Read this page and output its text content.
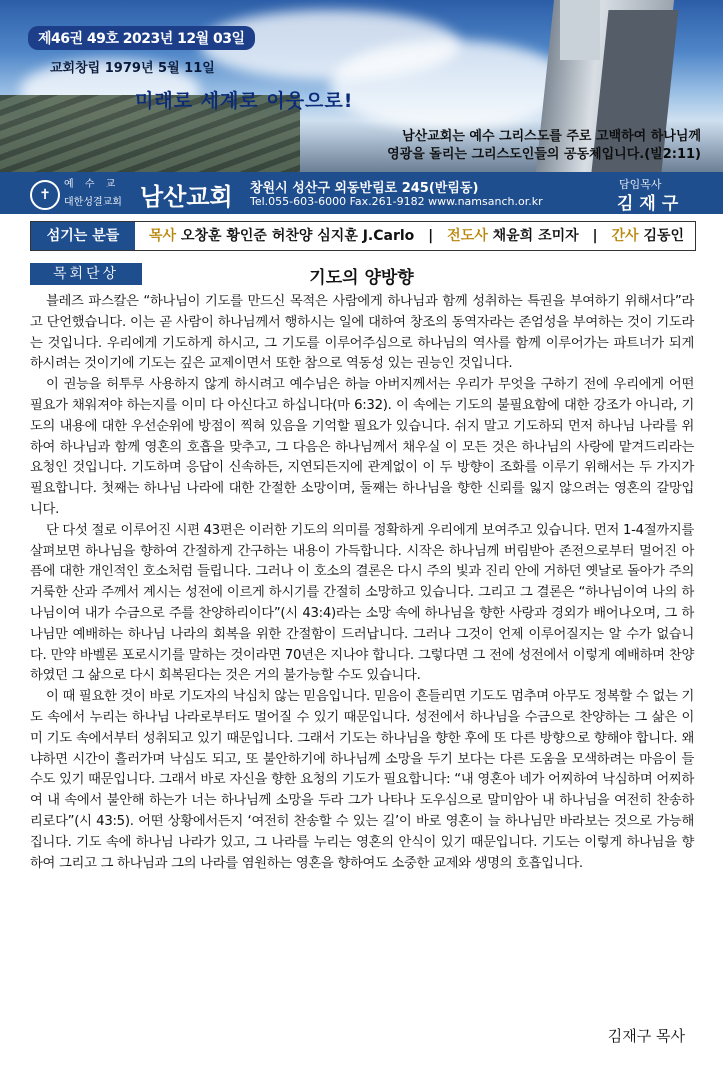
제46권 49호 2023년 12월 03일
교회창립 1979년 5월 11일
미래로 세계로 이웃으로!
남산교회는 예수 그리스도를 주로 고백하여 하나님께
영광을 돌리는 그리스도인들의 공동체입니다.(빌2:11)
✝
예 수 교
대한성결교회 남산교회 창원시 성산구 외동반림로 245(반림동)
Tel.055-603-6000 Fax.261-9182 www.namsanch.or.kr
담임목사
김재구
섬기는 분들	목사 오창훈 황인준 허찬양 심지훈 J.Carlo | 전도사 채윤희 조미자 | 간사 김동인
목회단상	기도의 양방향

블레즈 파스칼은 “하나님이 기도를 만드신 목적은 사람에게 하나님과 함께 성취하는 특권을 부여하기 위해서다”라고 단언했습니다. 이는 곧 사람이 하나님께서 행하시는 일에 대하여 창조의 동역자라는 존엄성을 부여하는 것이 기도라는 것입니다. 우리에게 기도하게 하시고, 그 기도를 이루어주심으로 하나님의 역사를 함께 이루어가는 파트너가 되게 하시려는 것이기에 기도는 깊은 교제이면서 또한 참으로 역동성 있는 권능인 것입니다.

이 권능을 허투루 사용하지 않게 하시려고 예수님은 하늘 아버지께서는 우리가 무엇을 구하기 전에 우리에게 어떤 필요가 채워져야 하는지를 이미 다 아신다고 하십니다(마 6:32). 이 속에는 기도의 불필요함에 대한 강조가 아니라, 기도의 내용에 대한 우선순위에 방점이 찍혀 있음을 기억할 필요가 있습니다. 쉬지 말고 기도하되 먼저 하나님 나라를 위하여 하나님과 함께 영혼의 호흡을 맞추고, 그 다음은 하나님께서 채우실 이 모든 것은 하나님의 사랑에 맡겨드리라는 요청인 것입니다. 기도하며 응답이 신속하든, 지연되든지에 관계없이 이 두 방향이 조화를 이루기 위해서는 두 가지가 필요합니다. 첫째는 하나님 나라에 대한 간절한 소망이며, 둘째는 하나님을 향한 신뢰를 잃지 않으려는 영혼의 갈망입니다.

단 다섯 절로 이루어진 시편 43편은 이러한 기도의 의미를 정확하게 우리에게 보여주고 있습니다. 먼저 1-4절까지를 살펴보면 하나님을 향하여 간절하게 간구하는 내용이 가득합니다. 시작은 하나님께 버림받아 존전으로부터 멀어진 아픔에 대한 개인적인 호소처럼 들립니다. 그러나 이 호소의 결론은 다시 주의 빛과 진리 안에 거하던 옛날로 돌아가 주의 거룩한 산과 주께서 계시는 성전에 이르게 하시기를 간절히 소망하고 있습니다. 그리고 그 결론은 “하나님이여 나의 하나님이여 내가 수금으로 주를 찬양하리이다”(시 43:4)라는 소망 속에 하나님을 향한 사랑과 경외가 배어나오며, 그 하나님만 예배하는 하나님 나라의 회복을 위한 간절함이 드러납니다. 그러나 그것이 언제 이루어질지는 알 수가 없습니다. 만약 바벨론 포로시기를 말하는 것이라면 70년은 지나야 합니다. 그렇다면 그 전에 성전에서 이렇게 예배하며 찬양하였던 그 삶으로 다시 회복된다는 것은 거의 불가능할 수도 있습니다.

이 때 필요한 것이 바로 기도자의 낙심치 않는 믿음입니다. 믿음이 흔들리면 기도도 멈추며 아무도 정복할 수 없는 기도 속에서 누리는 하나님 나라로부터도 멀어질 수 있기 때문입니다. 성전에서 하나님을 수금으로 찬양하는 그 삶은 이미 기도 속에서부터 성취되고 있기 때문입니다. 그래서 기도는 하나님을 향한 후에 또 다른 방향으로 향해야 합니다. 왜냐하면 시간이 흘러가며 낙심도 되고, 또 불안하기에 하나님께 소망을 두기 보다는 다른 도움을 모색하려는 마음이 들 수도 있기 때문입니다. 그래서 바로 자신을 향한 요청의 기도가 필요합니다: “내 영혼아 네가 어찌하여 낙심하며 어찌하여 내 속에서 불안해 하는가 너는 하나님께 소망을 두라 그가 나타나 도우심으로 말미암아 내 하나님을 여전히 찬송하리로다”(시 43:5). 어떤 상황에서든지 ‘여전히 찬송할 수 있는 길’이 바로 영혼이 늘 하나님만 바라보는 것으로 가능해집니다. 기도 속에 하나님 나라가 있고, 그 나라를 누리는 영혼의 안식이 있기 때문입니다. 기도는 이렇게 하나님을 향하여 그리고 그 하나님과 그의 나라를 염원하는 영혼을 향하여도 소중한 교제와 생명의 호흡입니다.

김재구 목사
